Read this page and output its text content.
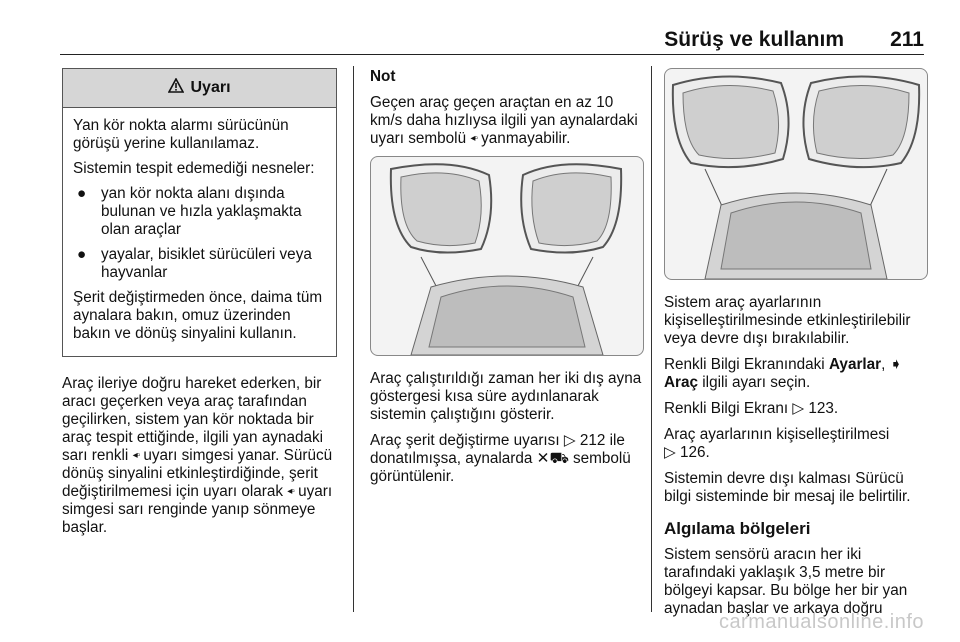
Sürüş ve kullanım 211
Uyarı

Yan kör nokta alarmı sürücünün görüşü yerine kullanılamaz.

Sistemin tespit edemediği nesneler:

● yan kör nokta alanı dışında bulunan ve hızla yaklaşmakta olan araçlar
● yayalar, bisiklet sürücüleri veya hayvanlar

Şerit değiştirmeden önce, daima tüm aynalara bakın, omuz üzerinden bakın ve dönüş sinyalini kullanın.

Araç ileriye doğru hareket ederken, bir aracı geçerken veya araç tarafından geçilirken, sistem yan kör noktada bir araç tespit ettiğinde, ilgili yan aynadaki sarı renkli ◂▫ uyarı simgesi yanar. Sürücü dönüş sinyalini etkinleştirdiğinde, şerit değiştirilmemesi için uyarı olarak ◂▫ uyarı simgesi sarı renginde yanıp sönmeye başlar.

Not

Geçen araç geçen araçtan en az 10 km/s daha hızlıysa ilgili yan aynalardaki uyarı sembolü ◂▫ yanmayabilir.

Araç çalıştırıldığı zaman her iki dış ayna göstergesi kısa süre aydınlanarak sistemin çalıştığını gösterir.

Araç şerit değiştirme uyarısı ▷ 212 ile donatılmışsa, aynalarda ✕⛟ sembolü görüntülenir.

Sistem araç ayarlarının kişiselleştirilmesinde etkinleştirilebilir veya devre dışı bırakılabilir.

Renkli Bilgi Ekranındaki Ayarlar, ➧
Araç ilgili ayarı seçin.

Renkli Bilgi Ekranı ▷ 123.

Araç ayarlarının kişiselleştirilmesi
▷ 126.

Sistemin devre dışı kalması Sürücü bilgi sisteminde bir mesaj ile belirtilir.

Algılama bölgeleri

Sistem sensörü aracın her iki tarafındaki yaklaşık 3,5 metre bir bölgeyi kapsar. Bu bölge her bir yan aynadan başlar ve arkaya doğru

carmanualsonline.info
